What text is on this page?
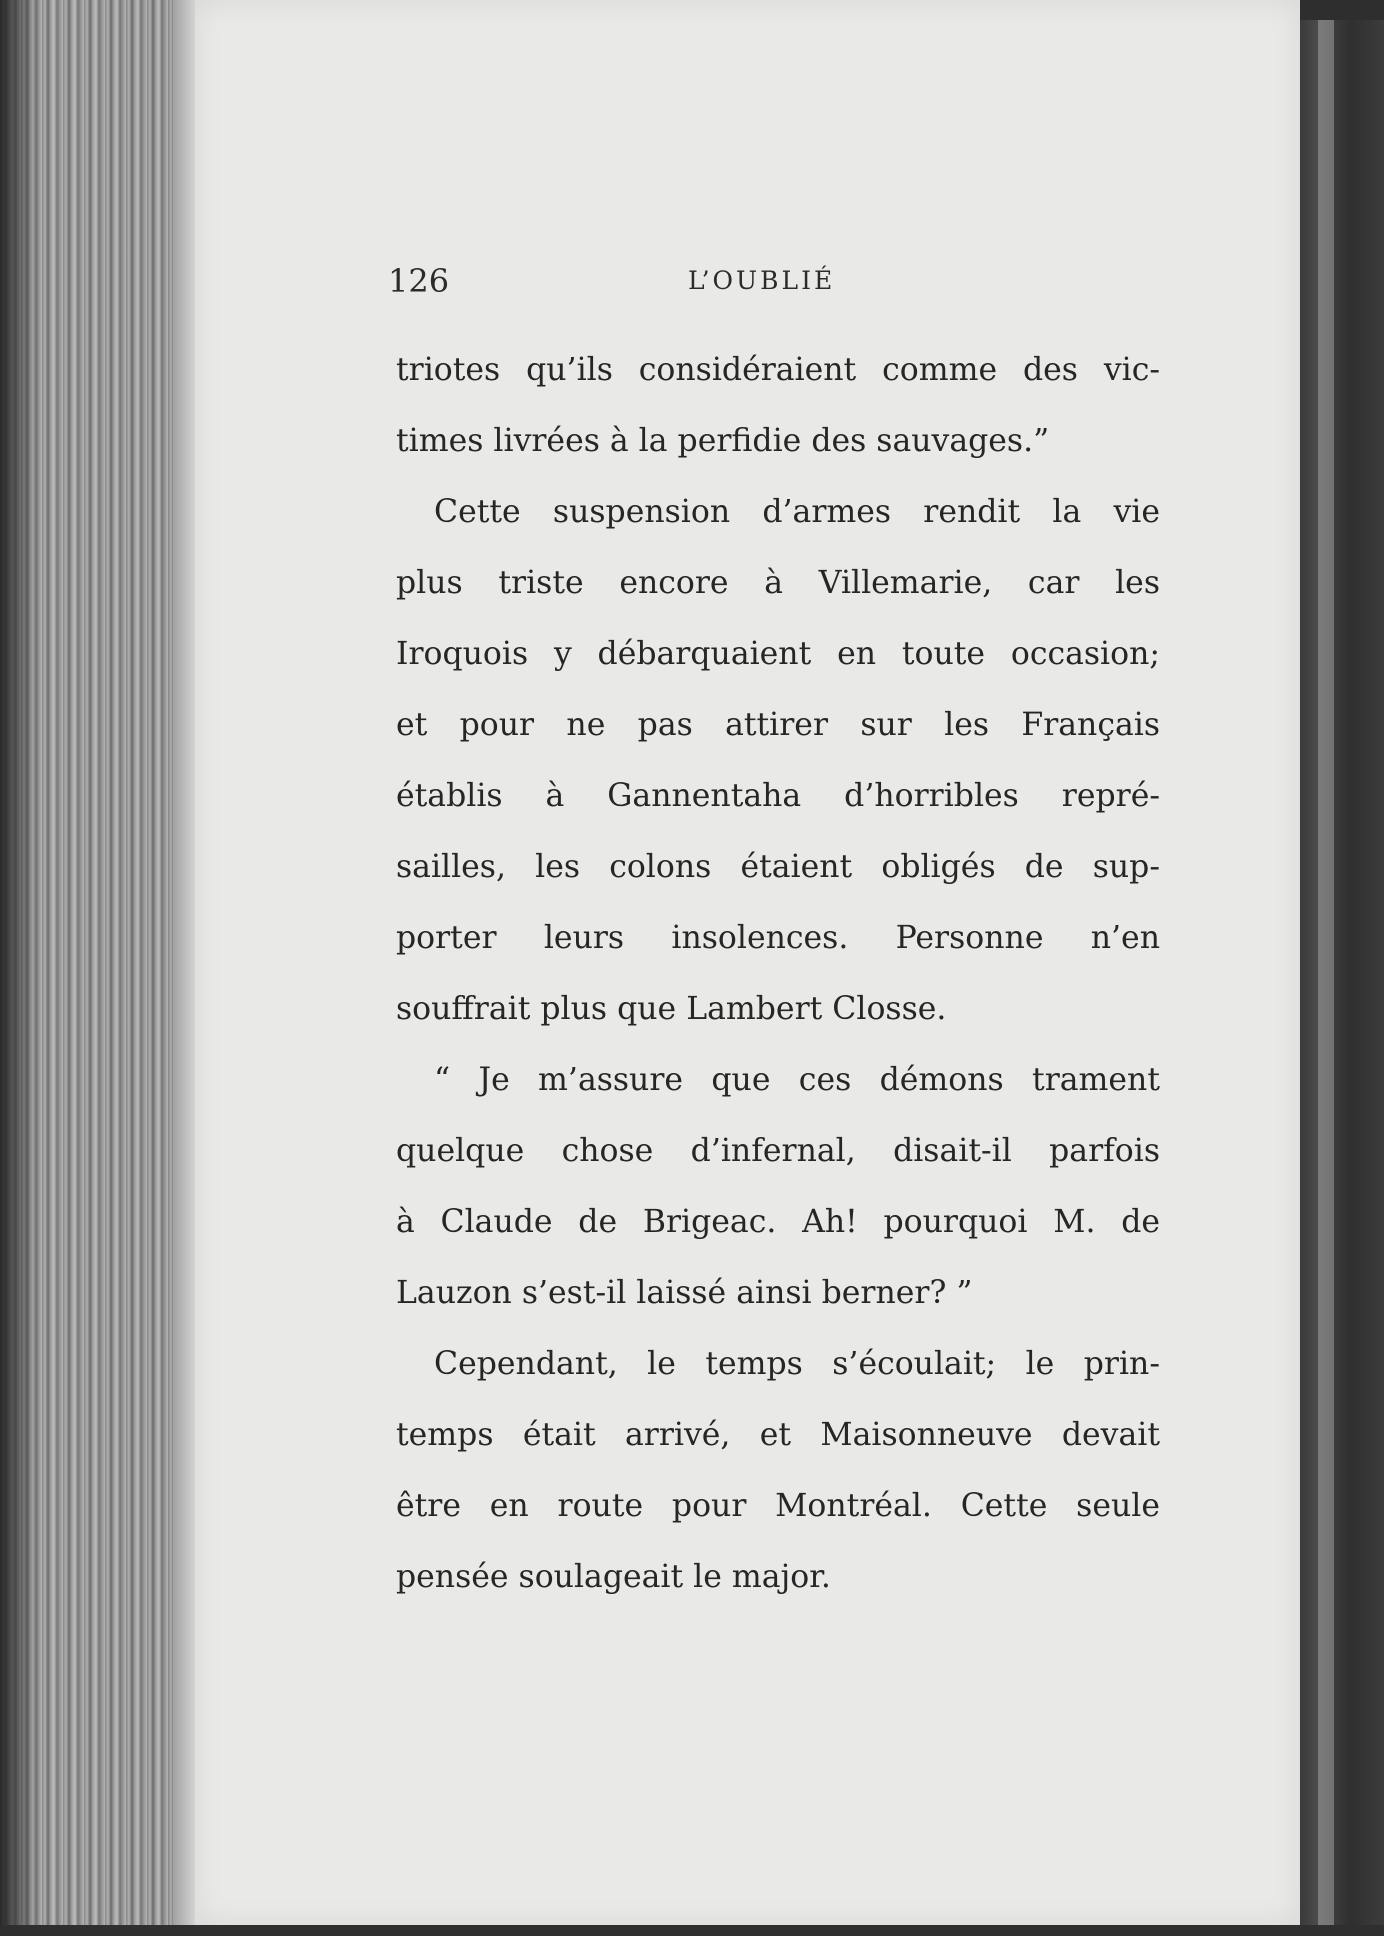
126	L’OUBLIÉ
triotes qu’ils considéraient comme des vic-
times livrées à la perfidie des sauvages.”
Cette suspension d’armes rendit la vie
plus triste encore à Villemarie, car les
Iroquois y débarquaient en toute occasion;
et pour ne pas attirer sur les Français
établis à Gannentaha d’horribles repré-
sailles, les colons étaient obligés de sup-
porter leurs insolences. Personne n’en
souffrait plus que Lambert Closse.
“ Je m’assure que ces démons trament
quelque chose d’infernal, disait-il parfois
à Claude de Brigeac. Ah! pourquoi M. de
Lauzon s’est-il laissé ainsi berner? ”
Cependant, le temps s’écoulait; le prin-
temps était arrivé, et Maisonneuve devait
être en route pour Montréal. Cette seule
pensée soulageait le major.
